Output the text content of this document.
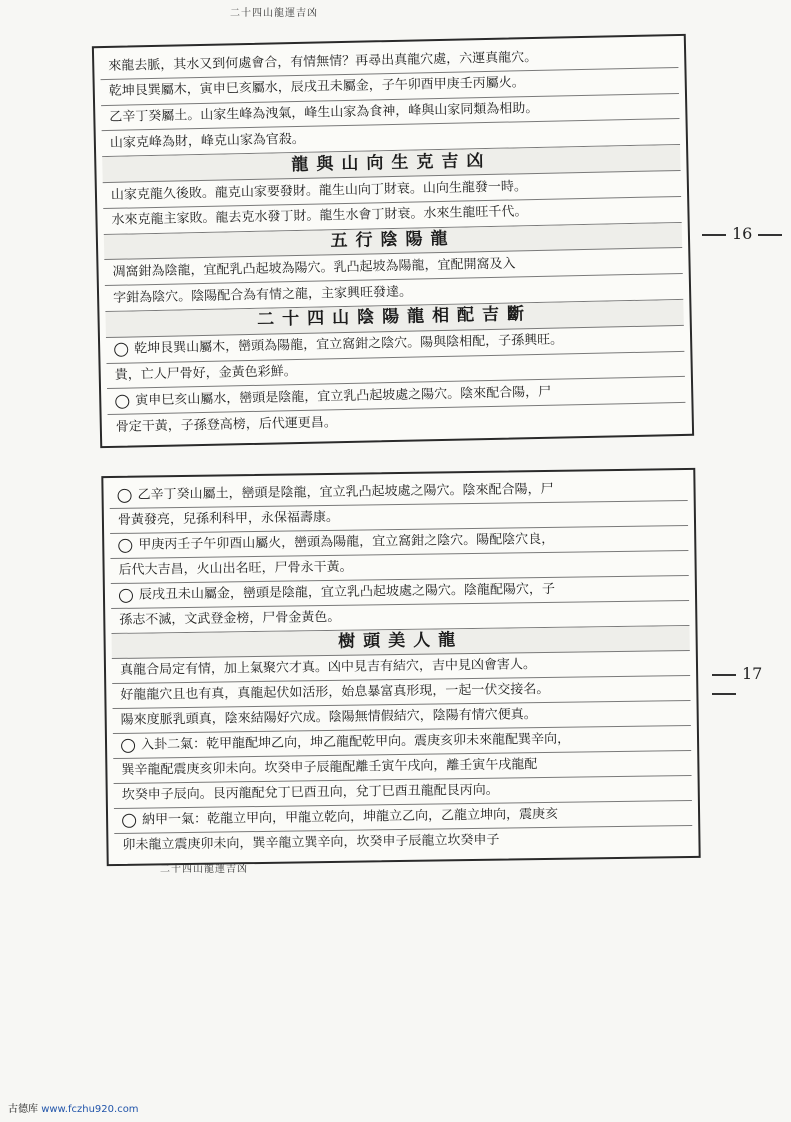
二十四山龍運吉凶
來龍去脈，其水又到何處會合，有情無情？再尋出真龍穴處，六運真龍穴。
乾坤艮巽屬木，寅申巳亥屬水，辰戌丑未屬金，子午卯酉甲庚壬丙屬火。
乙辛丁癸屬土。山家生峰為洩氣，峰生山家為食神，峰與山家同類為相助。
山家克峰為財，峰克山家為官殺。
龍與山向生克吉凶
山家克龍久後敗。龍克山家要發財。龍生山向丁財衰。山向生龍發一時。
水來克龍主家敗。龍去克水發丁財。龍生水會丁財衰。水來生龍旺千代。
五行陰陽龍
凋窩鉗為陰龍，宜配乳凸起坡為陽穴。乳凸起坡為陽龍，宜配開窩及入
字鉗為陰穴。陰陽配合為有情之龍，主家興旺發達。
二十四山陰陽龍相配吉斷
乾坤艮巽山屬木，巒頭為陽龍，宜立窩鉗之陰穴。陽與陰相配，子孫興旺。
貴，亡人尸骨好，金黃色彩鮮。
寅申巳亥山屬水，巒頭是陰龍，宜立乳凸起坡處之陽穴。陰來配合陽，尸
骨定干黃，子孫登高榜，后代運更昌。
16
乙辛丁癸山屬土，巒頭是陰龍，宜立乳凸起坡處之陽穴。陰來配合陽，尸
骨黃發亮，兒孫利科甲，永保福壽康。
甲庚丙壬子午卯酉山屬火，巒頭為陽龍，宜立窩鉗之陰穴。陽配陰穴良，
后代大吉昌，火山出名旺，尸骨永干黃。
辰戌丑未山屬金，巒頭是陰龍，宜立乳凸起坡處之陽穴。陰龍配陽穴，子
孫志不滅，文武登金榜，尸骨金黃色。
樹頭美人龍
真龍合局定有情，加上氣聚穴才真。凶中見吉有結穴，吉中見凶會害人。
好龍龍穴且也有真，真龍起伏如活形，始息暴富真形現，一起一伏交接名。
陽來度脈乳頭真，陰來結陽好穴成。陰陽無情假結穴，陰陽有情穴便真。
入卦二氣：乾甲龍配坤乙向，坤乙龍配乾甲向。震庚亥卯未來龍配巽辛向，
巽辛龍配震庚亥卯未向。坎癸申子辰龍配離壬寅午戌向，離壬寅午戌龍配
坎癸申子辰向。艮丙龍配兌丁巳酉丑向，兌丁巳酉丑龍配艮丙向。
納甲一氣：乾龍立甲向，甲龍立乾向，坤龍立乙向，乙龍立坤向，震庚亥
卯未龍立震庚卯未向，巽辛龍立巽辛向，坎癸申子辰龍立坎癸申子
17
二十四山龍運吉凶
古德库 www.fczhu920.com
